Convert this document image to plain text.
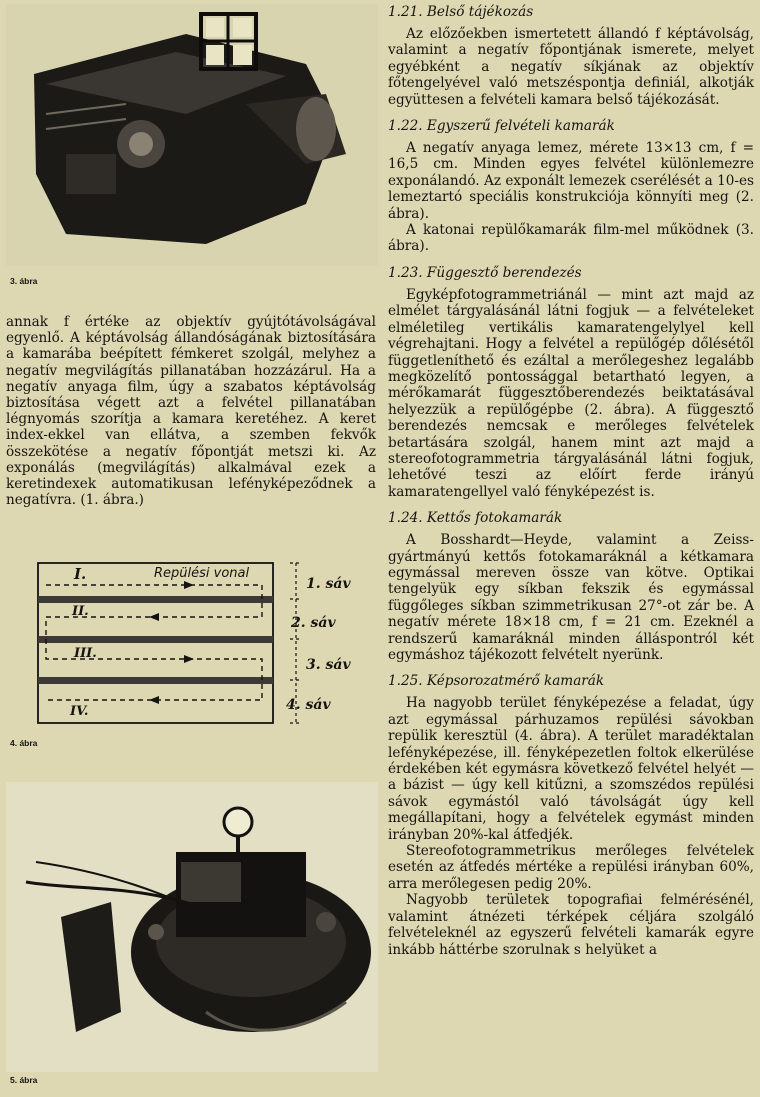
3. ábra

annak f értéke az objektív gyújtótávolságával egyenlő. A képtávolság állandóságának biztosítására a kamarába beépített fémkeret szolgál, melyhez a negatív megvilágítás pillanatában hozzázárul. Ha a negatív anyaga film, úgy a szabatos képtávolság biztosítása végett azt a felvétel pillanatában légnyomás szorítja a kamara keretéhez. A keret index-ekkel van ellátva, a szemben fekvők összekötése a negatív főpontját metszi ki. Az exponálás (megvilágítás) alkalmával ezek a keretindexek automatikusan lefényképeződnek a negatívra. (1. ábra.)

I.
II.
III.
IV.
Repülési vonal
1. sáv
2. sáv
3. sáv
4. sáv
4. ábra
5. ábra
1.21. Belső tájékozás

Az előzőekben ismertetett állandó f képtávolság, valamint a negatív főpontjának ismerete, melyet egyébként a negatív síkjának az objektív főtengelyével való metszéspontja definiál, alkotják együttesen a felvételi kamara belső tájékozását.

1.22. Egyszerű felvételi kamarák

A negatív anyaga lemez, mérete 13×13 cm, f = 16,5 cm. Minden egyes felvétel különlemezre exponálandó. Az exponált lemezek cserélését a 10-es lemeztartó speciális konstrukciója könnyíti meg (2. ábra).

A katonai repülőkamarák film-mel működnek (3. ábra).

1.23. Függesztő berendezés

Egyképfotogrammetriánál — mint azt majd az elmélet tárgyalásánál látni fogjuk — a felvételeket elméletileg vertikális kamaratengelylyel kell végrehajtani. Hogy a felvétel a repülőgép dőlésétől függetleníthető és ezáltal a merőlegeshez legalább megközelítő pontossággal betartható legyen, a mérőkamarát függesztőberendezés beiktatásával helyezzük a repülőgépbe (2. ábra). A függesztő berendezés nemcsak e merőleges felvételek betartására szolgál, hanem mint azt majd a stereofotogrammetria tárgyalásánál látni fogjuk, lehetővé teszi az előírt ferde irányú kamaratengellyel való fényképezést is.

1.24. Kettős fotokamarák

A Bosshardt—Heyde, valamint a Zeiss-gyártmányú kettős fotokamaráknál a kétkamara egymással mereven össze van kötve. Optikai tengelyük egy síkban fekszik és egymással függőleges síkban szimmetrikusan 27°-ot zár be. A negatív mérete 18×18 cm, f = 21 cm. Ezeknél a rendszerű kamaráknál minden álláspontról két egymáshoz tájékozott felvételt nyerünk.

1.25. Képsorozatmérő kamarák

Ha nagyobb terület fényképezése a feladat, úgy azt egymással párhuzamos repülési sávokban repülik keresztül (4. ábra). A terület maradéktalan lefényképezése, ill. fényképezetlen foltok elkerülése érdekében két egymásra következő felvétel helyét — a bázist — úgy kell kitűzni, a szomszédos repülési sávok egymástól való távolságát úgy kell megállapítani, hogy a felvételek egymást minden irányban 20%-kal átfedjék.

Stereofotogrammetrikus merőleges felvételek esetén az átfedés mértéke a repülési irányban 60%, arra merőlegesen pedig 20%.

Nagyobb területek topografiai felmérésénél, valamint átnézeti térképek céljára szolgáló felvételeknél az egyszerű felvételi kamarák egyre inkább háttérbe szorulnak s helyüket a
